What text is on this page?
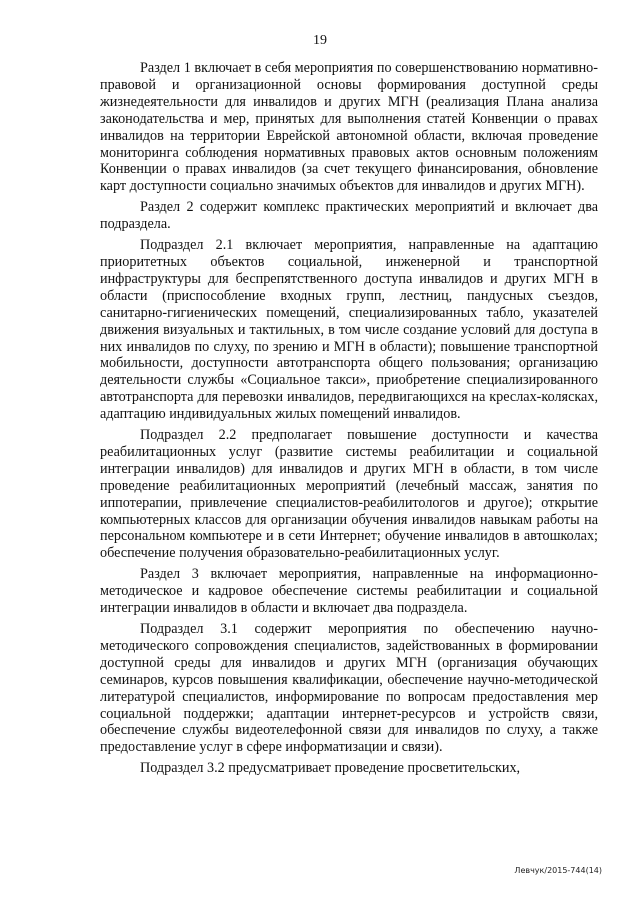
19

Раздел 1 включает в себя мероприятия по совершенствованию нормативно-правовой и организационной основы формирования доступной среды жизнедеятельности для инвалидов и других МГН (реализация Плана анализа законодательства и мер, принятых для выполнения статей Конвенции о правах инвалидов на территории Еврейской автономной области, включая проведение мониторинга соблюдения нормативных правовых актов основным положениям Конвенции о правах инвалидов (за счет текущего финансирования, обновление карт доступности социально значимых объектов для инвалидов и других МГН).

Раздел 2 содержит комплекс практических мероприятий и включает два подраздела.

Подраздел 2.1 включает мероприятия, направленные на адаптацию приоритетных объектов социальной, инженерной и транспортной инфраструктуры для беспрепятственного доступа инвалидов и других МГН в области (приспособление входных групп, лестниц, пандусных съездов, санитарно-гигиенических помещений, специализированных табло, указателей движения визуальных и тактильных, в том числе создание условий для доступа в них инвалидов по слуху, по зрению и МГН в области); повышение транспортной мобильности, доступности автотранспорта общего пользования; организацию деятельности службы «Социальное такси», приобретение специализированного автотранспорта для перевозки инвалидов, передвигающихся на креслах-колясках, адаптацию индивидуальных жилых помещений инвалидов.

Подраздел 2.2 предполагает повышение доступности и качества реабилитационных услуг (развитие системы реабилитации и социальной интеграции инвалидов) для инвалидов и других МГН в области, в том числе проведение реабилитационных мероприятий (лечебный массаж, занятия по иппотерапии, привлечение специалистов-реабилитологов и другое); открытие компьютерных классов для организации обучения инвалидов навыкам работы на персональном компьютере и в сети Интернет; обучение инвалидов в автошколах; обеспечение получения образовательно-реабилитационных услуг.

Раздел 3 включает мероприятия, направленные на информационно-методическое и кадровое обеспечение системы реабилитации и социальной интеграции инвалидов в области и включает два подраздела.

Подраздел 3.1 содержит мероприятия по обеспечению научно-методического сопровождения специалистов, задействованных в формировании доступной среды для инвалидов и других МГН (организация обучающих семинаров, курсов повышения квалификации, обеспечение научно-методической литературой специалистов, информирование по вопросам предоставления мер социальной поддержки; адаптации интернет-ресурсов и устройств связи, обеспечение службы видеотелефонной связи для инвалидов по слуху, а также предоставление услуг в сфере информатизации и связи).

Подраздел 3.2 предусматривает проведение просветительских,

Левчук/2015-744(14)
